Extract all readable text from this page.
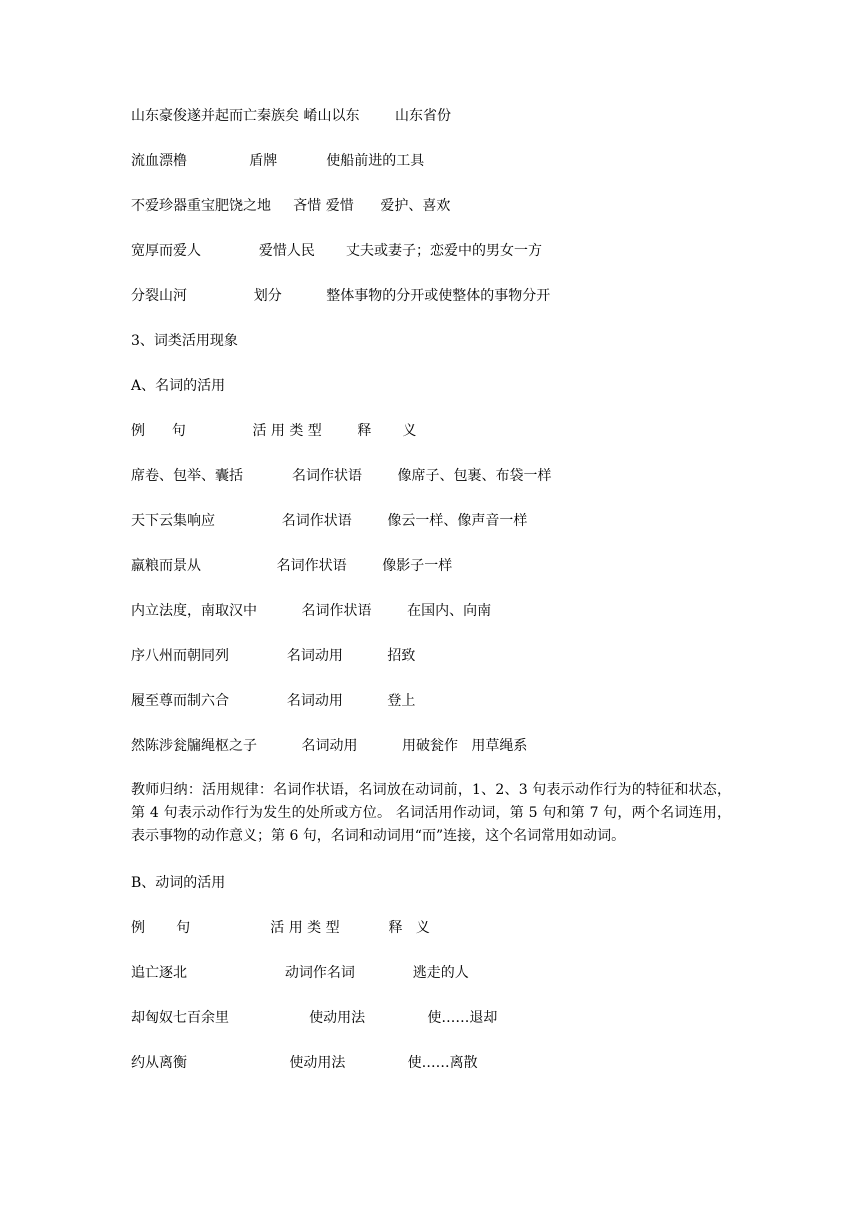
山东豪俊遂并起而亡秦族矣 崤山以东        山东省份
流血漂橹              盾牌           使船前进的工具
不爱珍器重宝肥饶之地     吝惜 爱惜      爱护、喜欢
宽厚而爱人             爱惜人民       丈夫或妻子；恋爱中的男女一方
分裂山河               划分          整体事物的分开或使整体的事物分开
3、词类活用现象
A、名词的活用
例      句               活 用 类 型        释       义
席卷、包举、囊括           名词作状语        像席子、包裹、布袋一样
天下云集响应               名词作状语        像云一样、像声音一样
羸粮而景从                 名词作状语        像影子一样
内立法度，南取汉中          名词作状语        在国内、向南
序八州而朝同列             名词动用          招致
履至尊而制六合             名词动用          登上
然陈涉瓮牖绳枢之子          名词动用          用破瓮作   用草绳系
教师归纳：活用规律：名词作状语，名词放在动词前，1、2、3 句表示动作行为的特征和状态，第 4 句表示动作行为发生的处所或方位。 名词活用作动词，第 5 句和第 7 句，两个名词连用，表示事物的动作意义；第 6 句，名词和动词用“而”连接，这个名词常用如动词。
B、动词的活用
例       句                  活 用 类 型           释   义
追亡逐北                      动词作名词             逃走的人
却匈奴七百余里                  使动用法              使……退却
约从离衡                       使动用法              使……离散
